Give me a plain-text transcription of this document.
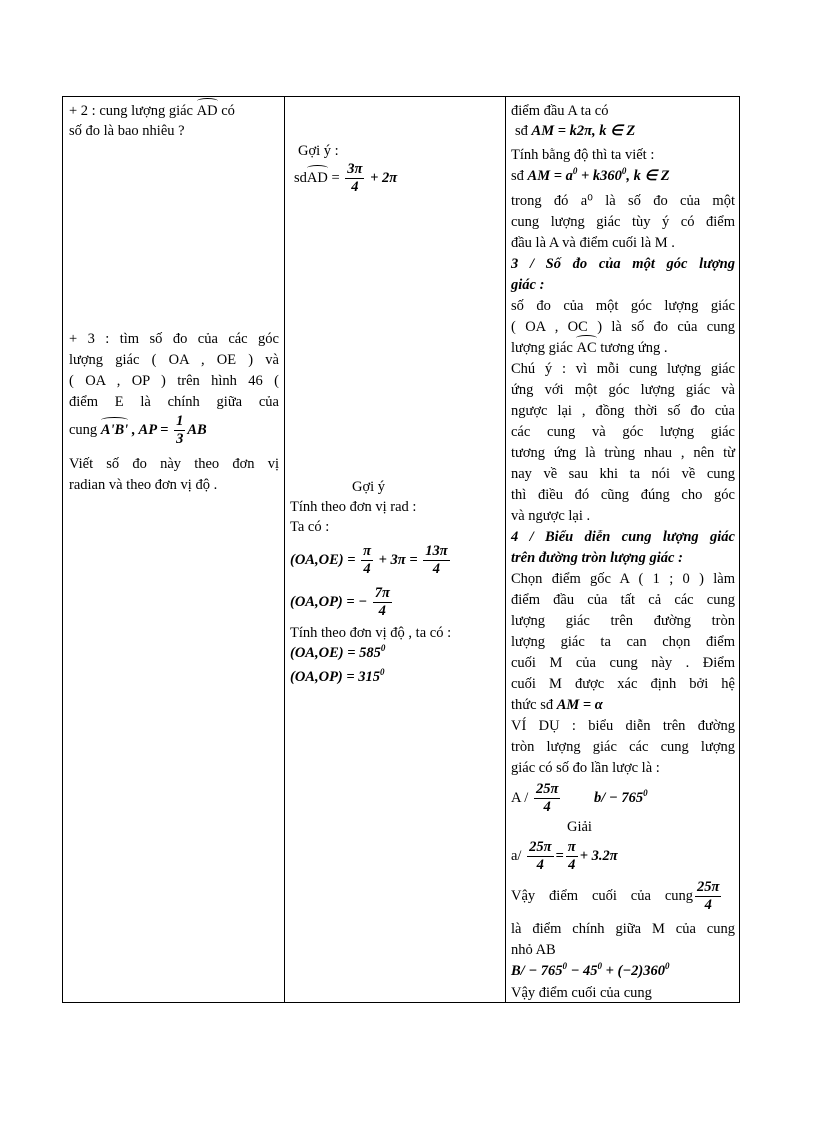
+ 2 : cung lượng giác AD có
số đo là bao nhiêu ?
+ 3 : tìm số đo của các góc
lượng giác ( OA , OE ) và
( OA , OP ) trên hình 46 (
điểm E là chính giữa của
cung A'B' , AP = $\frac{1}{3}$ AB
Viết số đo này theo đơn vị
radian và theo đơn vị độ .
Gợi ý :
sdAD = $\frac{3\pi}{4} + 2\pi$
Gợi ý
Tính theo đơn vị rad :
Ta có :
$(OA,OE) = \frac{\pi}{4} + 3\pi = \frac{13\pi}{4}$
(OA,OP) = − $\frac{7\pi}{4}$
Tính theo đơn vị độ , ta có :
$(OA,OE) = 585^0$
$(OA,OP) = 315^0$
điểm đầu A ta có
sđ AM = k2π, k ∈ Z
Tính bằng độ thì ta viết :
sđ AM = $a^0 + k360^0$, k ∈ Z
trong đó a⁰ là số đo của một
cung lượng giác tùy ý có điểm
đầu là A và điểm cuối là M .
3 / Số đo của một góc lượng
giác :
số đo của một góc lượng giác
( OA , OC ) là số đo của cung
lượng giác AC tương ứng .
Chú ý : vì mỗi cung lượng giác
ứng với một góc lượng giác và
ngược lại , đồng thời số đo của
các cung và góc lượng giác
tương ứng là trùng nhau , nên từ
nay về sau khi ta nói về cung
thì điều đó cũng đúng cho góc
và ngược lại .
4 / Biểu diễn cung lượng giác
trên đường tròn lượng giác :
Chọn điểm gốc A ( 1 ; 0 ) làm
điểm đầu của tất cả các cung
lượng giác trên đường tròn
lượng giác ta can chọn điểm
cuối M của cung này . Điểm
cuối M được xác định bởi hệ
thức sđ AM = α
VÍ DỤ : biểu diễn trên đường
tròn lượng giác các cung lượng
giác có số đo lần lược là :
$A / \frac{25\pi}{4} b/ - 765^0$
Giải
$a/ \frac{25\pi}{4} = \frac{\pi}{4} + 3.2\pi$
Vậy điểm cuối của cung $\frac{25\pi}{4}$
là điểm chính giữa M của cung
nhỏ AB
$B/ - 765^0 - 45^0 + (-2)360^0$
Vậy điểm cuối của cung
